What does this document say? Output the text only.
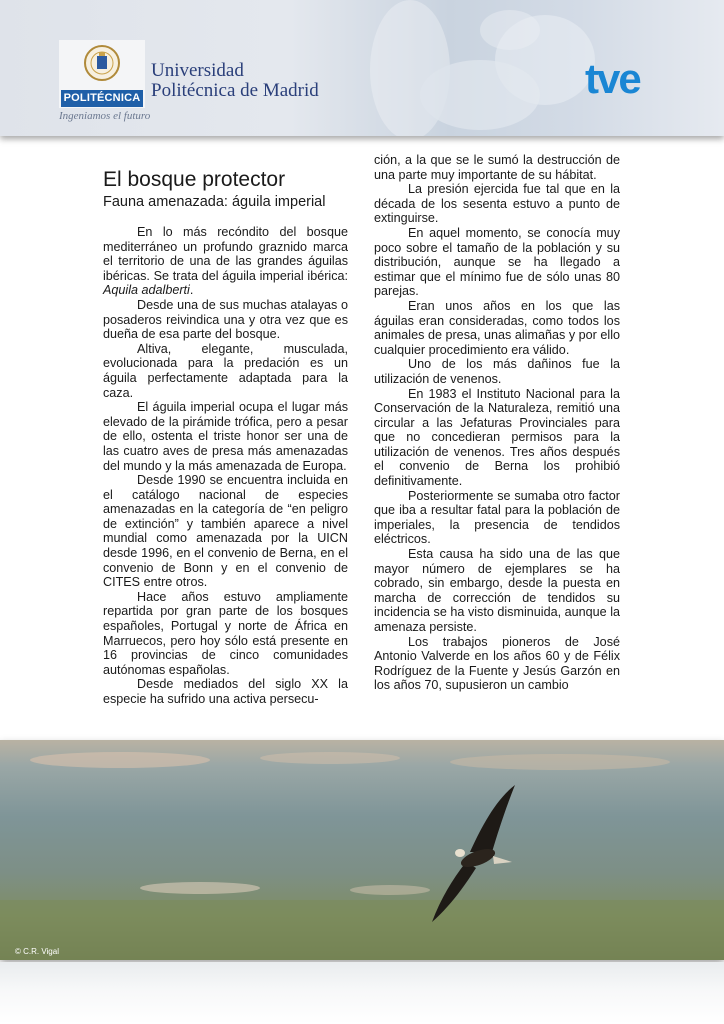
POLITÉCNICA
Universidad
Politécnica de Madrid
Ingeniamos el futuro
tve
El bosque protector
Fauna amenazada: águila imperial

En lo más recóndito del bosque mediterráneo un profundo graznido marca el territorio de una de las grandes águilas ibéricas. Se trata del águila imperial ibérica: Aquila adalberti.

Desde una de sus muchas atalayas o posaderos reivindica una y otra vez que es dueña de esa parte del bosque.

Altiva, elegante, musculada, evolucionada para la predación es un águila perfectamente adaptada para la caza.

El águila imperial ocupa el lugar más elevado de la pirámide trófica, pero a pesar de ello, ostenta el triste honor ser una de las cuatro aves de presa más amenazadas del mundo y la más amenazada de Europa.

Desde 1990 se encuentra incluida en el catálogo nacional de especies amenazadas en la categoría de “en peligro de extinción” y también aparece a nivel mundial como amenazada por la UICN desde 1996, en el convenio de Berna, en el convenio de Bonn y en el convenio de CITES entre otros.

Hace años estuvo ampliamente repartida por gran parte de los bosques españoles, Portugal y norte de África en Marruecos, pero hoy sólo está presente en 16 provincias de cinco comunidades autónomas españolas.

Desde mediados del siglo XX la especie ha sufrido una activa persecu-

ción, a la que se le sumó la destrucción de una parte muy importante de su hábitat.

La presión ejercida fue tal que en la década de los sesenta estuvo a punto de extinguirse.

En aquel momento, se conocía muy poco sobre el tamaño de la población y su distribución, aunque se ha llegado a estimar que el mínimo fue de sólo unas 80 parejas.

Eran unos años en los que las águilas eran consideradas, como todos los animales de presa, unas alimañas y por ello cualquier procedimiento era válido.

Uno de los más dañinos fue la utilización de venenos.

En 1983 el Instituto Nacional para la Conservación de la Naturaleza, remitió una circular a las Jefaturas Provinciales para que no concedieran permisos para la utilización de venenos. Tres años después el convenio de Berna los prohibió definitivamente.

Posteriormente se sumaba otro factor que iba a resultar fatal para la población de imperiales, la presencia de tendidos eléctricos.

Esta causa ha sido una de las que mayor número de ejemplares se ha cobrado, sin embargo, desde la puesta en marcha de corrección de tendidos su incidencia se ha visto disminuida, aunque la amenaza persiste.

Los trabajos pioneros de José Antonio Valverde en los años 60 y de Félix Rodríguez de la Fuente y Jesús Garzón en los años 70, supusieron un cambio

© C.R. Vigal
